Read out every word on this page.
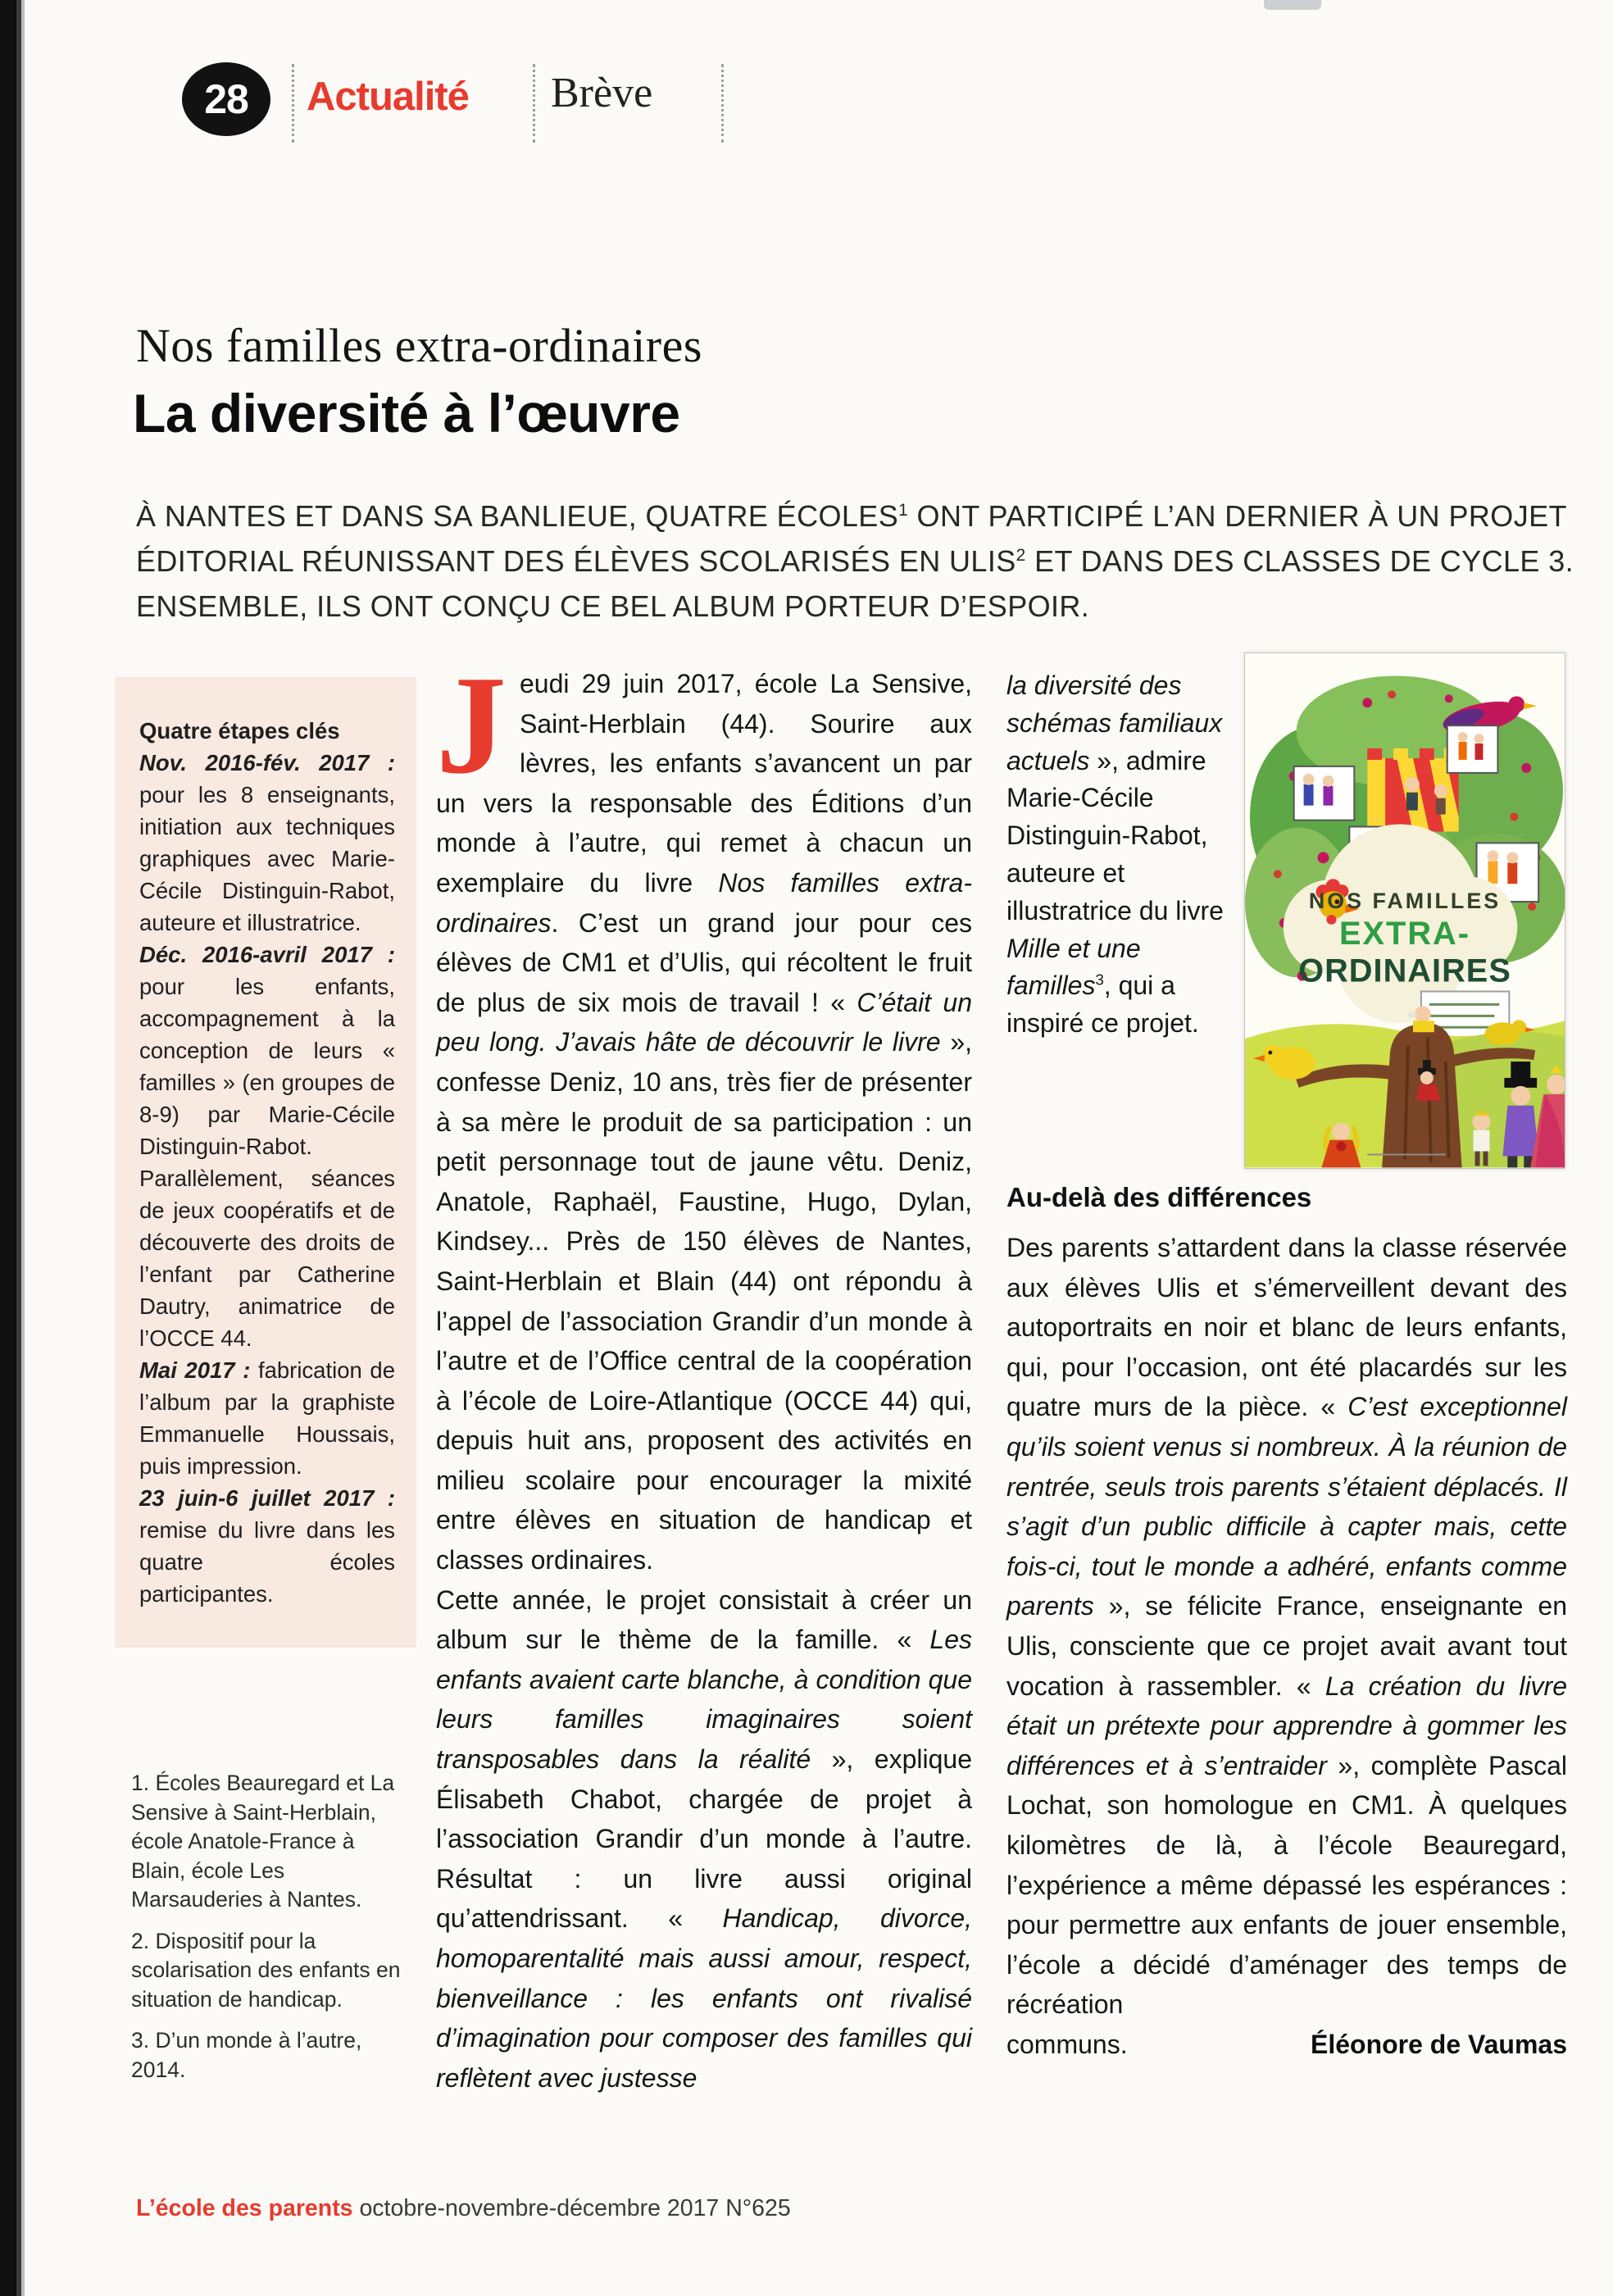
28 Actualité Brève
Nos familles extra-ordinaires
La diversité à l’œuvre
À NANTES ET DANS SA BANLIEUE, QUATRE ÉCOLES$^1$ ONT PARTICIPÉ L’AN DERNIER À UN PROJET ÉDITORIAL RÉUNISSANT DES ÉLÈVES SCOLARISÉS EN ULIS$^2$ ET DANS DES CLASSES DE CYCLE 3. ENSEMBLE, ILS ONT CONÇU CE BEL ALBUM PORTEUR D’ESPOIR.

Quatre étapes clés

Nov. 2016-fév. 2017 : pour les 8 enseignants, initiation aux techniques graphiques avec Marie-Cécile Distinguin-Rabot, auteure et illustratrice.

Déc. 2016-avril 2017 : pour les enfants, accompagnement à la conception de leurs « familles » (en groupes de 8-9) par Marie-Cécile Distinguin-Rabot. Parallèlement, séances de jeux coopératifs et de découverte des droits de l’enfant par Catherine Dautry, animatrice de l’OCCE 44.

Mai 2017 : fabrication de l’album par la graphiste Emmanuelle Houssais, puis impression.

23 juin-6 juillet 2017 : remise du livre dans les quatre écoles participantes.

1. Écoles Beauregard et La Sensive à Saint-Herblain, école Anatole-France à Blain, école Les Marsauderies à Nantes.

2. Dispositif pour la scolarisation des enfants en situation de handicap.

3. D’un monde à l’autre, 2014.

Jeudi 29 juin 2017, école La Sensive, Saint-Herblain (44). Sourire aux lèvres, les enfants s’avancent un par un vers la responsable des Éditions d’un monde à l’autre, qui remet à chacun un exemplaire du livre Nos familles extra-ordinaires. C’est un grand jour pour ces élèves de CM1 et d’Ulis, qui récoltent le fruit de plus de six mois de travail ! « C’était un peu long. J’avais hâte de découvrir le livre », confesse Deniz, 10 ans, très fier de présenter à sa mère le produit de sa participation : un petit personnage tout de jaune vêtu. Deniz, Anatole, Raphaël, Faustine, Hugo, Dylan, Kindsey... Près de 150 élèves de Nantes, Saint-Herblain et Blain (44) ont répondu à l’appel de l’association Grandir d’un monde à l’autre et de l’Office central de la coopération à l’école de Loire-Atlantique (OCCE 44) qui, depuis huit ans, proposent des activités en milieu scolaire pour encourager la mixité entre élèves en situation de handicap et classes ordinaires.

Cette année, le projet consistait à créer un album sur le thème de la famille. « Les enfants avaient carte blanche, à condition que leurs familles imaginaires soient transposables dans la réalité », explique Élisabeth Chabot, chargée de projet à l’association Grandir d’un monde à l’autre. Résultat : un livre aussi original qu’attendrissant. « Handicap, divorce, homoparentalité mais aussi amour, respect, bienveillance : les enfants ont rivalisé d’imagination pour composer des familles qui reflètent avec justesse

la diversité des schémas familiaux actuels », admire Marie-Cécile Distinguin-Rabot, auteure et illustratrice du livre Mille et une familles$^3$, qui a inspiré ce projet.
NOS FAMILLES
EXTRA-
ORDINAIRES
Au-delà des différences

Des parents s’attardent dans la classe réservée aux élèves Ulis et s’émerveillent devant des autoportraits en noir et blanc de leurs enfants, qui, pour l’occasion, ont été placardés sur les quatre murs de la pièce. « C’est exceptionnel qu’ils soient venus si nombreux. À la réunion de rentrée, seuls trois parents s’étaient déplacés. Il s’agit d’un public difficile à capter mais, cette fois-ci, tout le monde a adhéré, enfants comme parents », se félicite France, enseignante en Ulis, consciente que ce projet avait avant tout vocation à rassembler. « La création du livre était un prétexte pour apprendre à gommer les différences et à s’entraider », complète Pascal Lochat, son homologue en CM1. À quelques kilomètres de là, à l’école Beauregard, l’expérience a même dépassé les espérances : pour permettre aux enfants de jouer ensemble, l’école a décidé d’aménager des temps de récréation

communs.	Éléonore de Vaumas
L’école des parents octobre-novembre-décembre 2017 N°625
